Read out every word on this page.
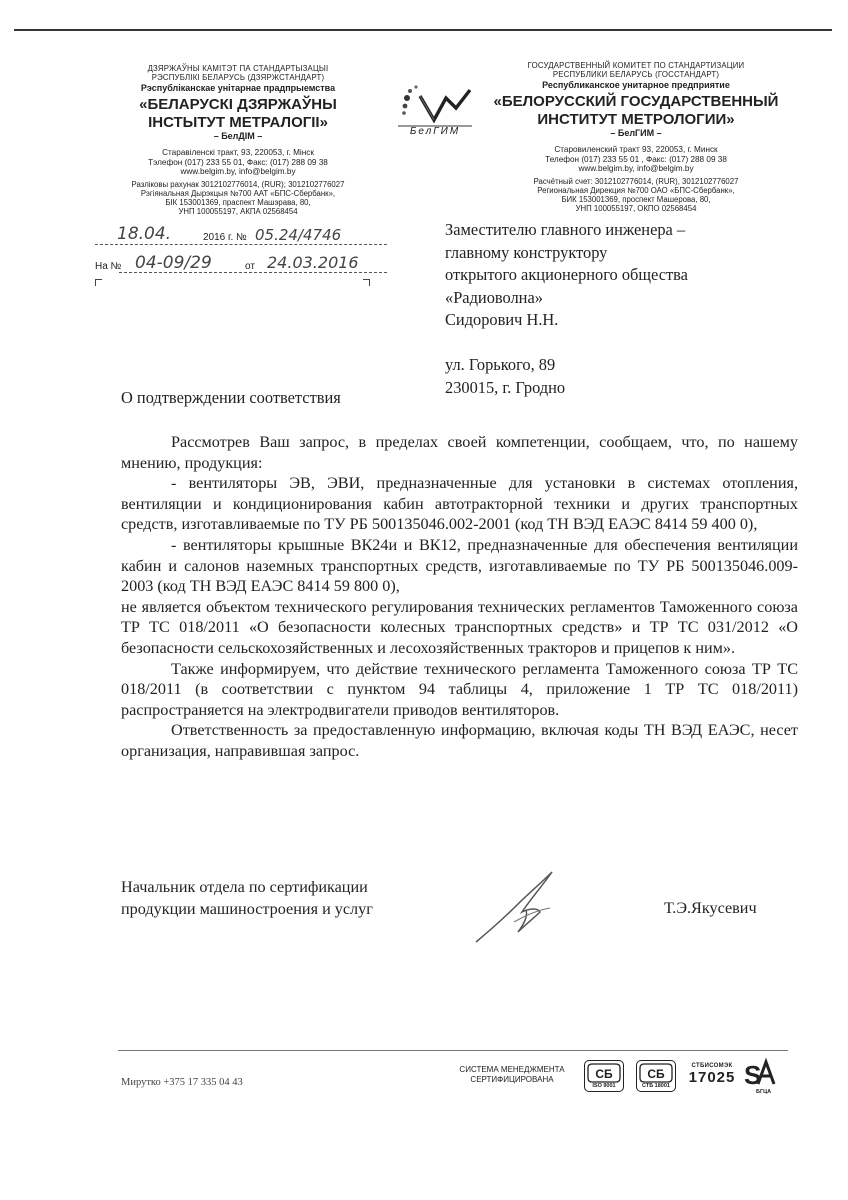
ДЗЯРЖАЎНЫ КАМІТЭТ ПА СТАНДАРТЫЗАЦЫІ
РЭСПУБЛІКІ БЕЛАРУСЬ (ДЗЯРЖСТАНДАРТ)
Рэспубліканскае унітарнае прадпрыемства
«БЕЛАРУСКІ ДЗЯРЖАЎНЫ
ІНСТЫТУТ МЕТРАЛОГІІ»
– БелДІМ –
Старавіленскі тракт, 93, 220053, г. Мінск
Тэлефон (017) 233 55 01, Факс: (017) 288 09 38
www.belgim.by, info@belgim.by
Разліковы рахунак 3012102776014, (RUR); 3012102776027
Рэгіянальная Дырэкцыя №700 ААТ «БПС-Сбербанк»,
БІК 153001369, праспект Машэрава, 80,
УНП 100055197, АКПА 02568454
БелГИМ
ГОСУДАРСТВЕННЫЙ КОМИТЕТ ПО СТАНДАРТИЗАЦИИ
РЕСПУБЛИКИ БЕЛАРУСЬ (ГОССТАНДАРТ)
Республиканское унитарное предприятие
«БЕЛОРУССКИЙ ГОСУДАРСТВЕННЫЙ
ИНСТИТУТ МЕТРОЛОГИИ»
– БелГИМ –
Старовиленский тракт 93, 220053, г. Минск
Телефон (017) 233 55 01 , Факс: (017) 288 09 38
www.belgim.by, info@belgim.by
Расчётный счет: 3012102776014, (RUR), 3012102776027
Региональная Дирекция №700 ОАО «БПС-Сбербанк»,
БИК 153001369, проспект Машерова, 80,
УНП 100055197, ОКПО 02568454
18.04.	2016 г. № 05.24/4746
На № 04-09/29	от 24.03.2016
Заместителю главного инженера –
главному конструктору
открытого акционерного общества
«Радиоволна»
Сидорович Н.Н.
ул. Горького, 89
230015, г. Гродно
О подтверждении соответствия

Рассмотрев Ваш запрос, в пределах своей компетенции, сообщаем, что, по нашему мнению, продукция:

- вентиляторы ЭВ, ЭВИ, предназначенные для установки в системах отопления, вентиляции и кондиционирования кабин автотракторной техники и других транспортных средств, изготавливаемые по ТУ РБ 500135046.002-2001 (код ТН ВЭД ЕАЭС 8414 59 400 0),

- вентиляторы крышные ВК24и и ВК12, предназначенные для обеспечения вентиляции кабин и салонов наземных транспортных средств, изготавливаемые по ТУ РБ 500135046.009-2003 (код ТН ВЭД ЕАЭС 8414 59 800 0),

не является объектом технического регулирования технических регламентов Таможенного союза ТР ТС 018/2011 «О безопасности колесных транспортных средств» и ТР ТС 031/2012 «О безопасности сельскохозяйственных и лесохозяйственных тракторов и прицепов к ним».

Также информируем, что действие технического регламента Таможенного союза ТР ТС 018/2011 (в соответствии с пунктом 94 таблицы 4, приложение 1 ТР ТС 018/2011) распространяется на электродвигатели приводов вентиляторов.

Ответственность за предоставленную информацию, включая коды ТН ВЭД ЕАЭС, несет организация, направившая запрос.

Начальник отдела по сертификации
продукции машиностроения и услуг	Т.Э.Якусевич
Мирутко +375 17 335 04 43
СИСТЕМА МЕНЕДЖМЕНТА
СЕРТИФИЦИРОВАНА	СБ
ISO 9001
СБ
СТБ 18001
СТБИСОМЭК
17025 S
БГЦА
